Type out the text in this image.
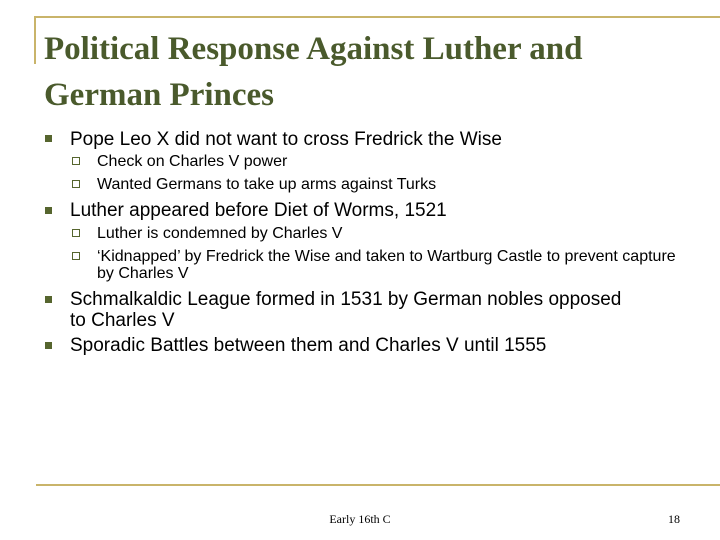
Political Response Against Luther and German Princes
Pope Leo X did not want to cross Fredrick the Wise
Check on Charles V power
Wanted Germans to take up arms against Turks
Luther appeared before Diet of Worms, 1521
Luther is condemned by Charles V
‘Kidnapped’ by Fredrick the Wise and taken to Wartburg Castle to prevent capture by Charles V
Schmalkaldic League formed in 1531 by German nobles opposed to Charles V
Sporadic Battles between them and Charles V until 1555
Early 16th C	18
